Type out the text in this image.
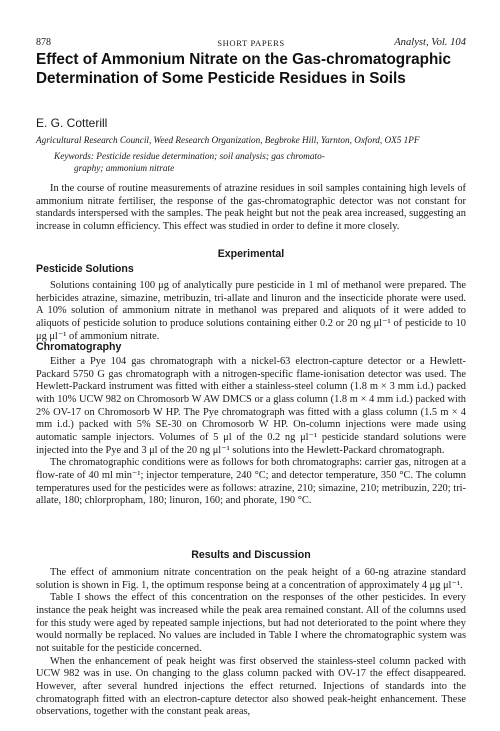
878	SHORT PAPERS	Analyst, Vol. 104
Effect of Ammonium Nitrate on the Gas-chromatographic Determination of Some Pesticide Residues in Soils

E. G. Cotterill

Agricultural Research Council, Weed Research Organization, Begbroke Hill, Yarnton, Oxford, OX5 1PF

Keywords: Pesticide residue determination; soil analysis; gas chromato-
graphy; ammonium nitrate

In the course of routine measurements of atrazine residues in soil samples containing high levels of ammonium nitrate fertiliser, the response of the gas-chromatographic detector was not constant for standards interspersed with the samples. The peak height but not the peak area increased, suggesting an increase in column efficiency. This effect was studied in order to define it more closely.

Experimental
Pesticide Solutions

Solutions containing 100 μg of analytically pure pesticide in 1 ml of methanol were prepared. The herbicides atrazine, simazine, metribuzin, tri-allate and linuron and the insecticide phorate were used. A 10% solution of ammonium nitrate in methanol was prepared and aliquots of it were added to aliquots of pesticide solution to produce solutions containing either 0.2 or 20 ng μl⁻¹ of pesticide to 10 μg μl⁻¹ of ammonium nitrate.

Chromatography

Either a Pye 104 gas chromatograph with a nickel-63 electron-capture detector or a Hewlett-Packard 5750 G gas chromatograph with a nitrogen-specific flame-ionisation detector was used. The Hewlett-Packard instrument was fitted with either a stainless-steel column (1.8 m × 3 mm i.d.) packed with 10% UCW 982 on Chromosorb W AW DMCS or a glass column (1.8 m × 4 mm i.d.) packed with 2% OV-17 on Chromosorb W HP. The Pye chromatograph was fitted with a glass column (1.5 m × 4 mm i.d.) packed with 5% SE-30 on Chromosorb W HP. On-column injections were made using automatic sample injectors. Volumes of 5 μl of the 0.2 ng μl⁻¹ pesticide standard solutions were injected into the Pye and 3 μl of the 20 ng μl⁻¹ solutions into the Hewlett-Packard chromatograph.

The chromatographic conditions were as follows for both chromatographs: carrier gas, nitrogen at a flow-rate of 40 ml min⁻¹; injector temperature, 240 °C; and detector temperature, 350 °C. The column temperatures used for the pesticides were as follows: atrazine, 210; simazine, 210; metribuzin, 220; tri-allate, 180; chlorpropham, 180; linuron, 160; and phorate, 190 °C.

Results and Discussion

The effect of ammonium nitrate concentration on the peak height of a 60-ng atrazine standard solution is shown in Fig. 1, the optimum response being at a concentration of approximately 4 μg μl⁻¹.

Table I shows the effect of this concentration on the responses of the other pesticides. In every instance the peak height was increased while the peak area remained constant. All of the columns used for this study were aged by repeated sample injections, but had not deteriorated to the point where they would normally be replaced. No values are included in Table I where the chromatographic system was not suitable for the pesticide concerned.

When the enhancement of peak height was first observed the stainless-steel column packed with UCW 982 was in use. On changing to the glass column packed with OV-17 the effect disappeared. However, after several hundred injections the effect returned. Injections of standards into the chromatograph fitted with an electron-capture detector also showed peak-height enhancement. These observations, together with the constant peak areas,
